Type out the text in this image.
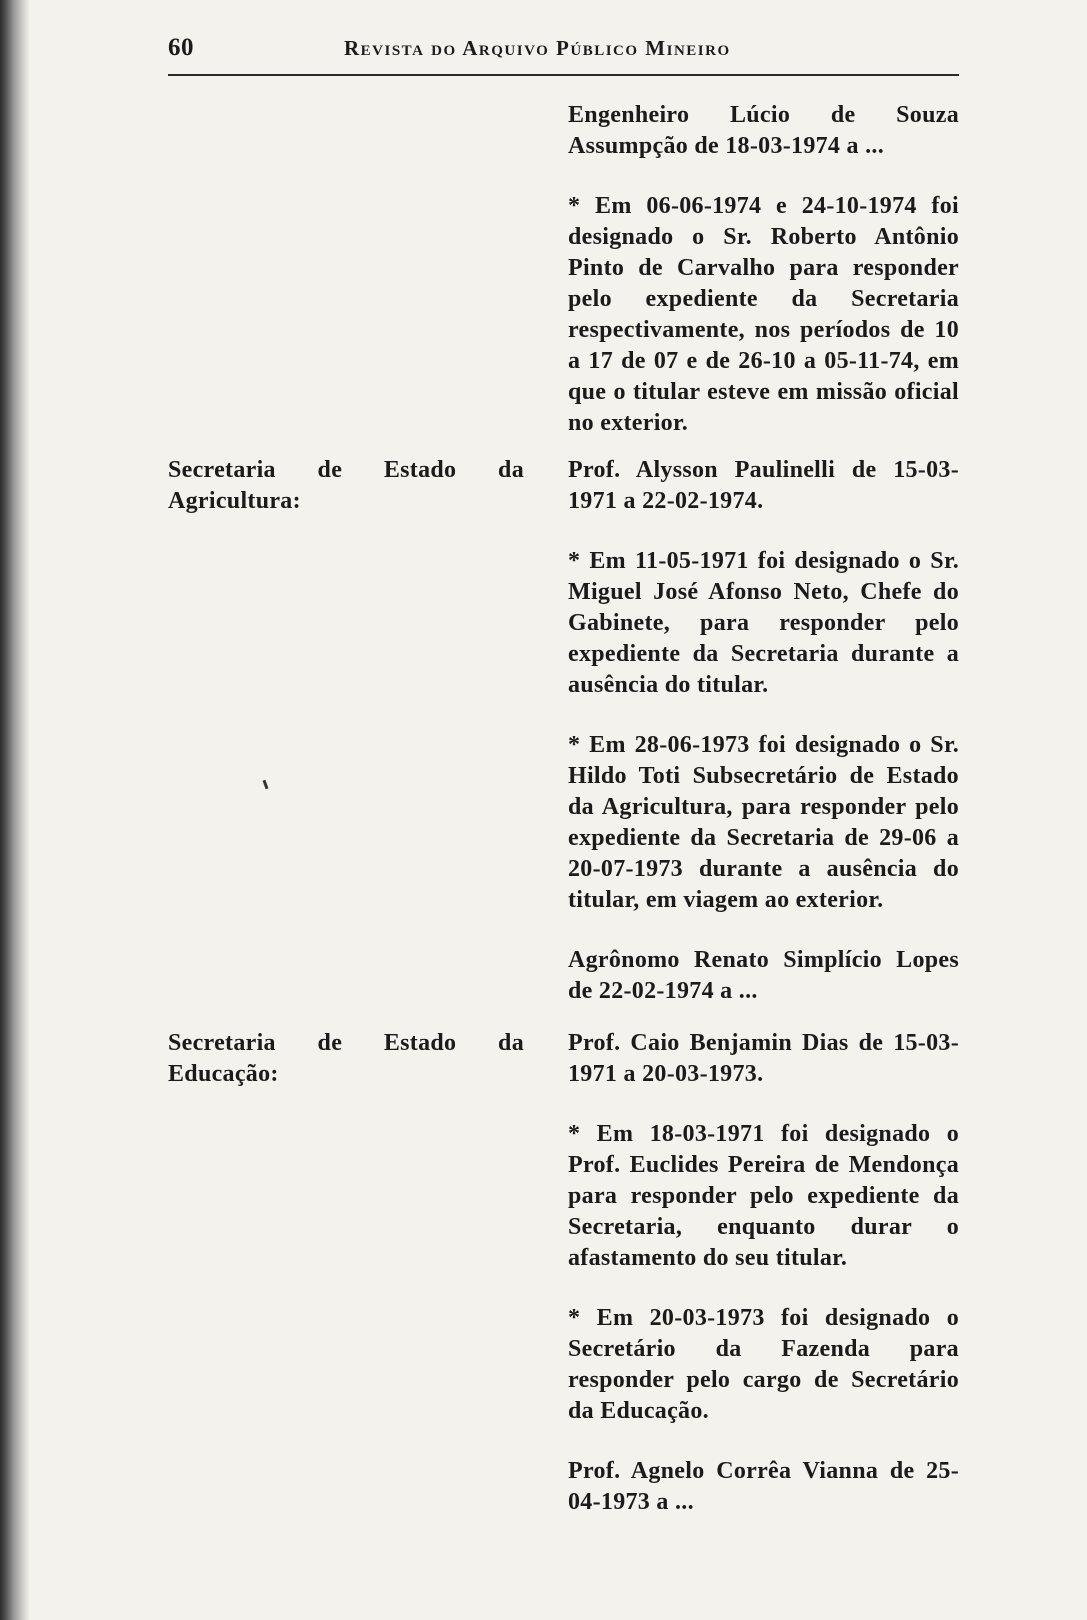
60	Revista do Arquivo Público Mineiro

Engenheiro Lúcio de Souza Assumpção de 18-03-1974 a ...

* Em 06-06-1974 e 24-10-1974 foi designado o Sr. Roberto Antônio Pinto de Carvalho para responder pelo expediente da Secretaria respectivamente, nos períodos de 10 a 17 de 07 e de 26-10 a 05-11-74, em que o titular esteve em missão oficial no exterior.

Secretaria de Estado da Agricultura:

Prof. Alysson Paulinelli de 15-03-1971 a 22-02-1974.

* Em 11-05-1971 foi designado o Sr. Miguel José Afonso Neto, Chefe do Gabinete, para responder pelo expediente da Secretaria durante a ausência do titular.

* Em 28-06-1973 foi designado o Sr. Hildo Toti Subsecretário de Estado da Agricultura, para responder pelo expediente da Secretaria de 29-06 a 20-07-1973 durante a ausência do titular, em viagem ao exterior.

Agrônomo Renato Simplício Lopes de 22-02-1974 a ...

Secretaria de Estado da Educação:

Prof. Caio Benjamin Dias de 15-03-1971 a 20-03-1973.

* Em 18-03-1971 foi designado o Prof. Euclides Pereira de Mendonça para responder pelo expediente da Secretaria, enquanto durar o afastamento do seu titular.

* Em 20-03-1973 foi designado o Secretário da Fazenda para responder pelo cargo de Secretário da Educação.

Prof. Agnelo Corrêa Vianna de 25-04-1973 a ...
